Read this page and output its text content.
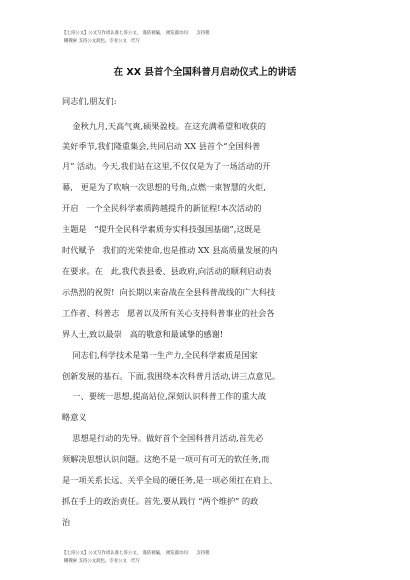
【七哥公文】公文写作请认准七哥公文， 谨防被骗， 浏览器访问：   支持模
糊搜索 支持公文润色、专业公文   代写
在 XX 县首个全国科普月启动仪式上的讲话
同志们,朋友们:
金秋九月,天高气爽,硕果盈枝。在这充满希望和收获的
美好季节,我们隆重集会,共同启动 XX 县首个“全国科普
月” 活动。今天,我们站在这里,不仅仅是为了一场活动的开
幕,   更是为了吹响一次思想的号角,点燃一束智慧的火炬,
开启   一个全民科学素质跨越提升的新征程!本次活动的
主题是   “提升全民科学素质夯实科技强国基础”,这既是
时代赋予   我们的光荣使命,也是推动 XX 县高质量发展的内
在要求。在   此,我代表县委、县政府,向活动的顺利启动表
示热烈的祝贺!  向长期以来奋战在全县科普战线的广大科技
工作者、科普志   愿者以及所有关心支持科普事业的社会各
界人士,致以最崇   高的敬意和最诚挚的感谢!
同志们,科学技术是第一生产力,全民科学素质是国家
创新发展的基石。下面,我围绕本次科普月活动,讲三点意见。
一、要统一思想,提高站位,深刻认识科普工作的重大战
略意义
思想是行动的先导。做好首个全国科普月活动,首先必
须解决思想认识问题。这绝不是一项可有可无的软任务,而
是一项关系长远、关乎全局的硬任务,是一项必须扛在肩上、
抓在手上的政治责任。首先,要从践行 “两个维护” 的政
治
【七哥公文】公文写作请认准七哥公文， 谨防被骗， 浏览器访问：   支持模
糊搜索 支持公文润色、专业公文   代写
